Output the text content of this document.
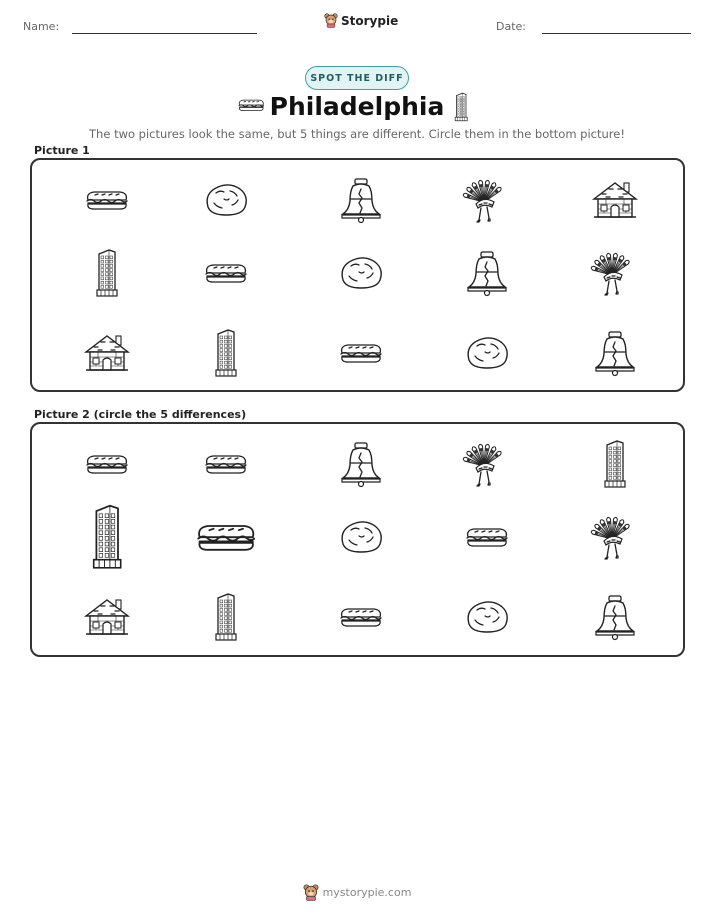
Name:	Storypie	Date:
SPOT THE DIFF
Philadelphia
The two pictures look the same, but 5 things are different. Circle them in the bottom picture!
Picture 1
Picture 2 (circle the 5 differences)
mystorypie.com
